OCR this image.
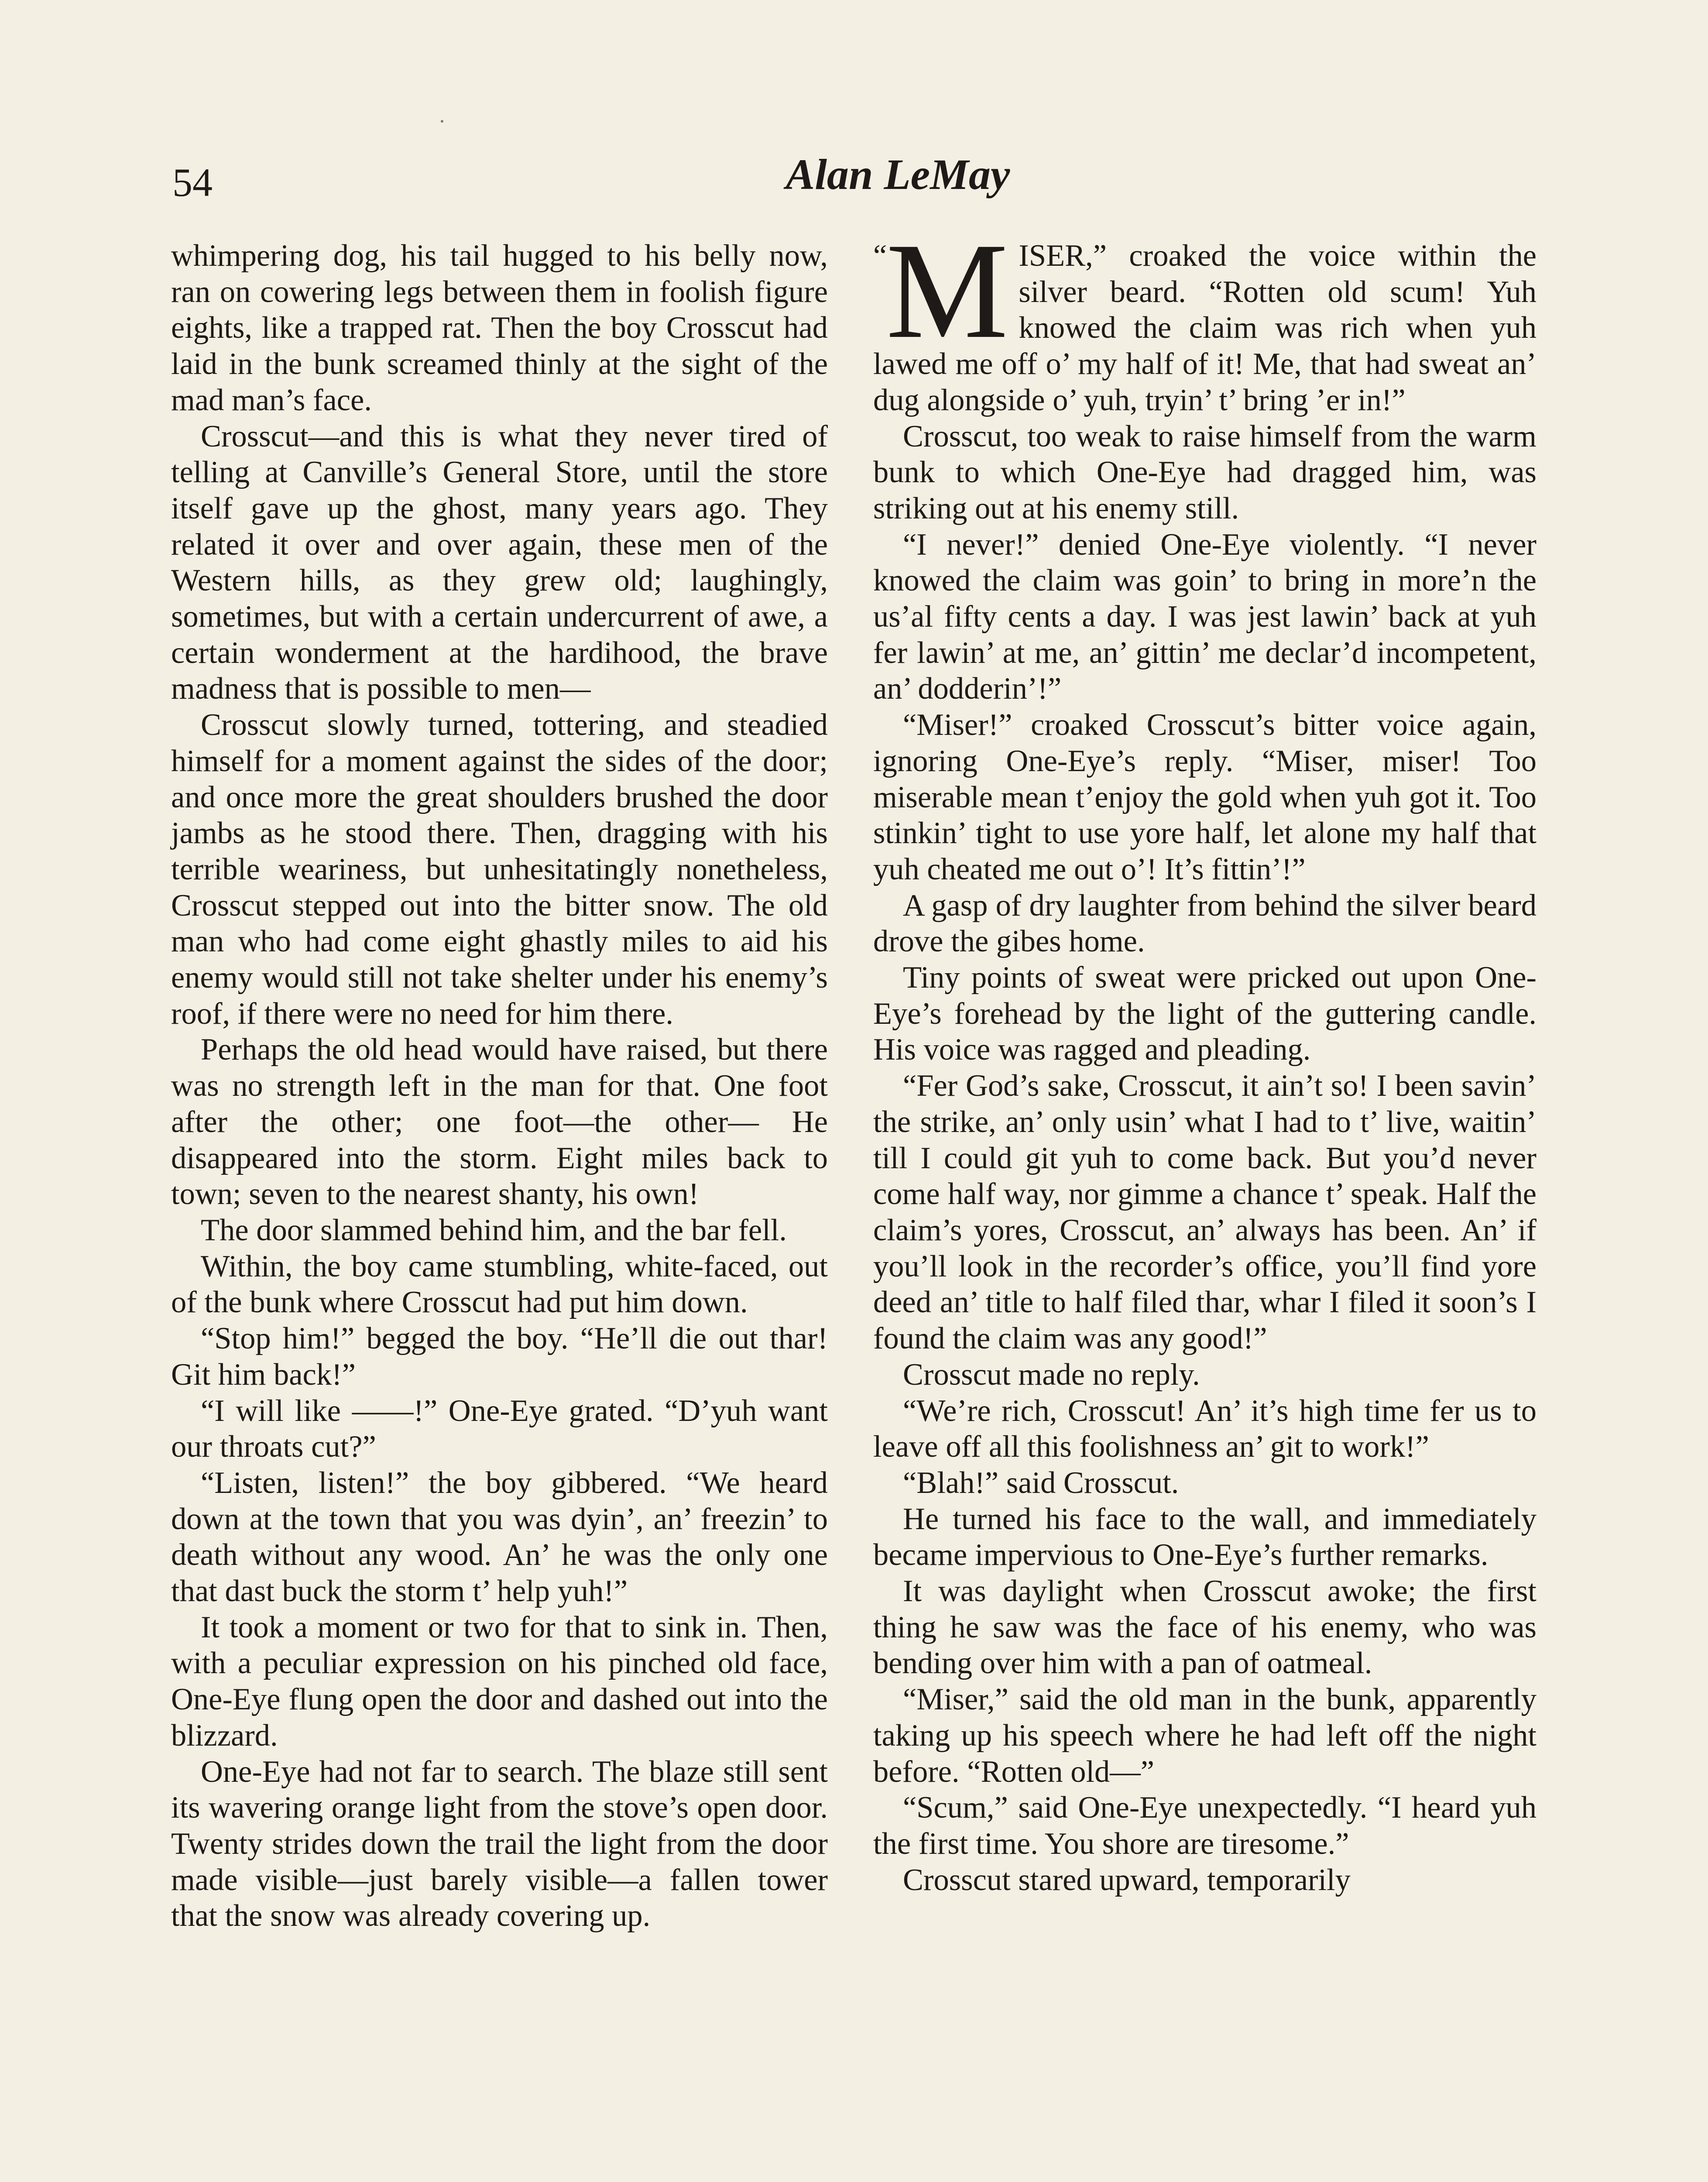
54	Alan LeMay

whimpering dog, his tail hugged to his belly now, ran on cowering legs between them in foolish figure eights, like a trapped rat. Then the boy Crosscut had laid in the bunk screamed thinly at the sight of the mad man’s face.

Crosscut—and this is what they never tired of telling at Canville’s General Store, until the store itself gave up the ghost, many years ago. They related it over and over again, these men of the Western hills, as they grew old; laughingly, sometimes, but with a certain undercurrent of awe, a certain wonderment at the hardihood, the brave madness that is possible to men—

Crosscut slowly turned, tottering, and steadied himself for a moment against the sides of the door; and once more the great shoulders brushed the door jambs as he stood there. Then, dragging with his terrible weariness, but unhesitatingly nonetheless, Crosscut stepped out into the bitter snow. The old man who had come eight ghastly miles to aid his enemy would still not take shelter under his enemy’s roof, if there were no need for him there.

Perhaps the old head would have raised, but there was no strength left in the man for that. One foot after the other; one foot—the other— He disappeared into the storm. Eight miles back to town; seven to the nearest shanty, his own!

The door slammed behind him, and the bar fell.

Within, the boy came stumbling, white-faced, out of the bunk where Crosscut had put him down.

“Stop him!” begged the boy. “He’ll die out thar! Git him back!”

“I will like ——!” One-Eye grated. “D’yuh want our throats cut?”

“Listen, listen!” the boy gibbered. “We heard down at the town that you was dyin’, an’ freezin’ to death without any wood. An’ he was the only one that dast buck the storm t’ help yuh!”

It took a moment or two for that to sink in. Then, with a peculiar expression on his pinched old face, One-Eye flung open the door and dashed out into the blizzard.

One-Eye had not far to search. The blaze still sent its wavering orange light from the stove’s open door. Twenty strides down the trail the light from the door made visible—just barely visible—a fallen tower that the snow was already covering up.

“
M ISER,” croaked the voice within the silver beard. “Rotten old scum! Yuh knowed the claim was rich when yuh lawed me off o’ my half of it! Me, that had sweat an’ dug alongside o’ yuh, tryin’ t’ bring ’er in!”

Crosscut, too weak to raise himself from the warm bunk to which One-Eye had dragged him, was striking out at his enemy still.

“I never!” denied One-Eye violently. “I never knowed the claim was goin’ to bring in more’n the us’al fifty cents a day. I was jest lawin’ back at yuh fer lawin’ at me, an’ gittin’ me declar’d incompetent, an’ dodderin’!”

“Miser!” croaked Crosscut’s bitter voice again, ignoring One-Eye’s reply. “Miser, miser! Too miserable mean t’enjoy the gold when yuh got it. Too stinkin’ tight to use yore half, let alone my half that yuh cheated me out o’! It’s fittin’!”

A gasp of dry laughter from behind the silver beard drove the gibes home.

Tiny points of sweat were pricked out upon One-Eye’s forehead by the light of the guttering candle. His voice was ragged and pleading.

“Fer God’s sake, Crosscut, it ain’t so! I been savin’ the strike, an’ only usin’ what I had to t’ live, waitin’ till I could git yuh to come back. But you’d never come half way, nor gimme a chance t’ speak. Half the claim’s yores, Crosscut, an’ always has been. An’ if you’ll look in the recorder’s office, you’ll find yore deed an’ title to half filed thar, whar I filed it soon’s I found the claim was any good!”

Crosscut made no reply.

“We’re rich, Crosscut! An’ it’s high time fer us to leave off all this foolishness an’ git to work!”

“Blah!” said Crosscut.

He turned his face to the wall, and immediately became impervious to One-Eye’s further remarks.

It was daylight when Crosscut awoke; the first thing he saw was the face of his enemy, who was bending over him with a pan of oatmeal.

“Miser,” said the old man in the bunk, apparently taking up his speech where he had left off the night before. “Rotten old—”

“Scum,” said One-Eye unexpectedly. “I heard yuh the first time. You shore are tiresome.”

Crosscut stared upward, temporarily
